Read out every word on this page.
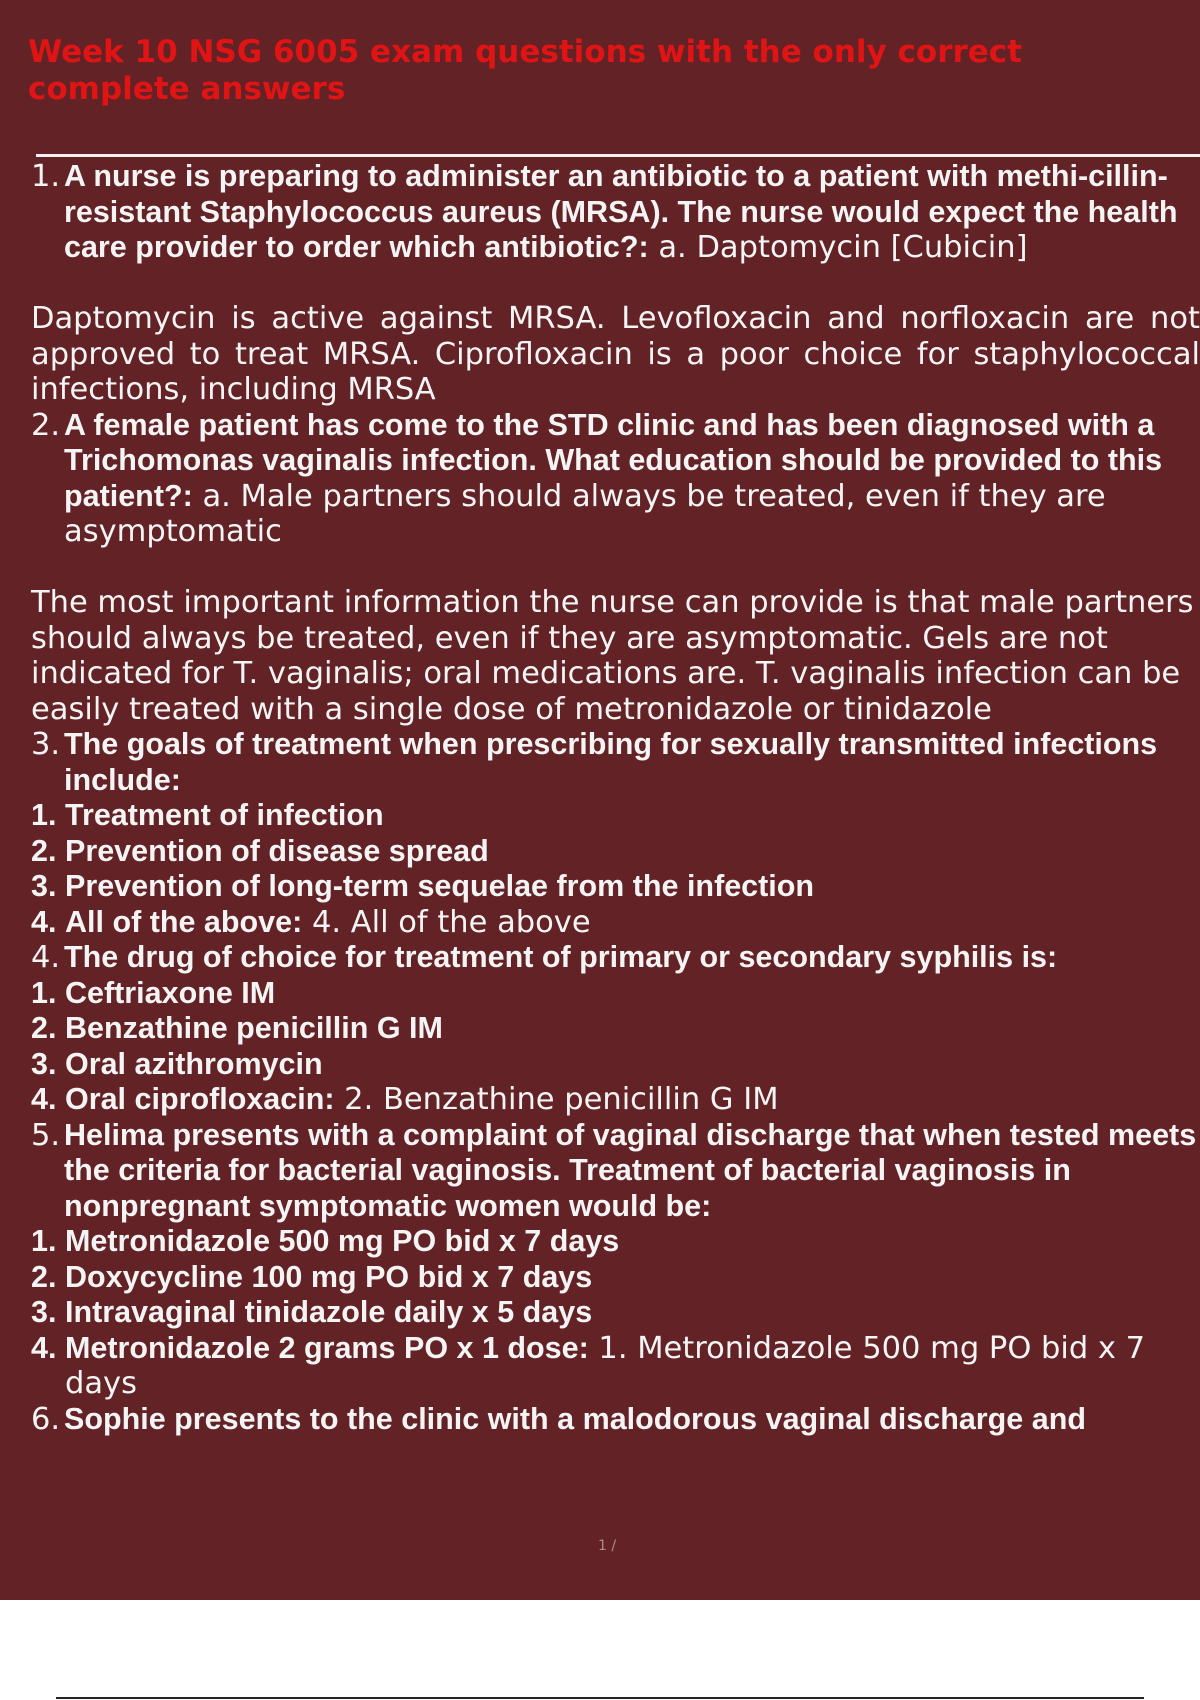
Week 10 NSG 6005 exam questions with the only correct complete answers
1. A nurse is preparing to administer an antibiotic to a patient with methi-cillin-resistant Staphylococcus aureus (MRSA). The nurse would expect the health care provider to order which antibiotic?: a. Daptomycin [Cubicin]

Daptomycin is active against MRSA. Levofloxacin and norfloxacin are not approved to treat MRSA. Ciprofloxacin is a poor choice for staphylococcal infections, including MRSA

2. A female patient has come to the STD clinic and has been diagnosed with a Trichomonas vaginalis infection. What education should be provided to this patient?: a. Male partners should always be treated, even if they are asymptomatic

The most important information the nurse can provide is that male partners should always be treated, even if they are asymptomatic. Gels are not indicated for T. vaginalis; oral medications are. T. vaginalis infection can be easily treated with a single dose of metronidazole or tinidazole

3. The goals of treatment when prescribing for sexually transmitted infections include:
1. Treatment of infection
2. Prevention of disease spread
3. Prevention of long-term sequelae from the infection
4. All of the above: 4. All of the above
4. The drug of choice for treatment of primary or secondary syphilis is:
1. Ceftriaxone IM
2. Benzathine penicillin G IM
3. Oral azithromycin
4. Oral ciprofloxacin: 2. Benzathine penicillin G IM
5. Helima presents with a complaint of vaginal discharge that when tested meets the criteria for bacterial vaginosis. Treatment of bacterial vaginosis in nonpregnant symptomatic women would be:
1. Metronidazole 500 mg PO bid x 7 days
2. Doxycycline 100 mg PO bid x 7 days
3. Intravaginal tinidazole daily x 5 days
4. Metronidazole 2 grams PO x 1 dose: 1. Metronidazole 500 mg PO bid x 7 days
6. Sophie presents to the clinic with a malodorous vaginal discharge and
1 /
